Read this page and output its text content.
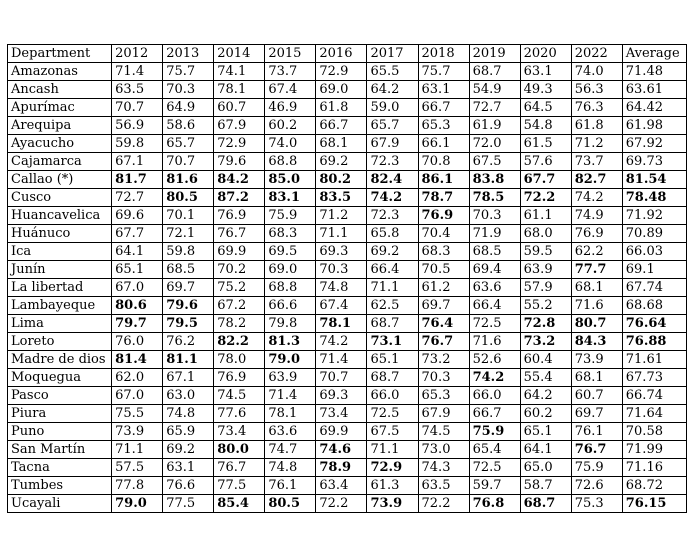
Department	2012	2013	2014	2015	2016	2017	2018	2019	2020	2022	Average
Amazonas	71.4	75.7	74.1	73.7	72.9	65.5	75.7	68.7	63.1	74.0	71.48
Ancash	63.5	70.3	78.1	67.4	69.0	64.2	63.1	54.9	49.3	56.3	63.61
Apurímac	70.7	64.9	60.7	46.9	61.8	59.0	66.7	72.7	64.5	76.3	64.42
Arequipa	56.9	58.6	67.9	60.2	66.7	65.7	65.3	61.9	54.8	61.8	61.98
Ayacucho	59.8	65.7	72.9	74.0	68.1	67.9	66.1	72.0	61.5	71.2	67.92
Cajamarca	67.1	70.7	79.6	68.8	69.2	72.3	70.8	67.5	57.6	73.7	69.73
Callao (*)	81.7	81.6	84.2	85.0	80.2	82.4	86.1	83.8	67.7	82.7	81.54
Cusco	72.7	80.5	87.2	83.1	83.5	74.2	78.7	78.5	72.2	74.2	78.48
Huancavelica	69.6	70.1	76.9	75.9	71.2	72.3	76.9	70.3	61.1	74.9	71.92
Huánuco	67.7	72.1	76.7	68.3	71.1	65.8	70.4	71.9	68.0	76.9	70.89
Ica	64.1	59.8	69.9	69.5	69.3	69.2	68.3	68.5	59.5	62.2	66.03
Junín	65.1	68.5	70.2	69.0	70.3	66.4	70.5	69.4	63.9	77.7	69.1
La libertad	67.0	69.7	75.2	68.8	74.8	71.1	61.2	63.6	57.9	68.1	67.74
Lambayeque	80.6	79.6	67.2	66.6	67.4	62.5	69.7	66.4	55.2	71.6	68.68
Lima	79.7	79.5	78.2	79.8	78.1	68.7	76.4	72.5	72.8	80.7	76.64
Loreto	76.0	76.2	82.2	81.3	74.2	73.1	76.7	71.6	73.2	84.3	76.88
Madre de dios	81.4	81.1	78.0	79.0	71.4	65.1	73.2	52.6	60.4	73.9	71.61
Moquegua	62.0	67.1	76.9	63.9	70.7	68.7	70.3	74.2	55.4	68.1	67.73
Pasco	67.0	63.0	74.5	71.4	69.3	66.0	65.3	66.0	64.2	60.7	66.74
Piura	75.5	74.8	77.6	78.1	73.4	72.5	67.9	66.7	60.2	69.7	71.64
Puno	73.9	65.9	73.4	63.6	69.9	67.5	74.5	75.9	65.1	76.1	70.58
San Martín	71.1	69.2	80.0	74.7	74.6	71.1	73.0	65.4	64.1	76.7	71.99
Tacna	57.5	63.1	76.7	74.8	78.9	72.9	74.3	72.5	65.0	75.9	71.16
Tumbes	77.8	76.6	77.5	76.1	63.4	61.3	63.5	59.7	58.7	72.6	68.72
Ucayali	79.0	77.5	85.4	80.5	72.2	73.9	72.2	76.8	68.7	75.3	76.15
